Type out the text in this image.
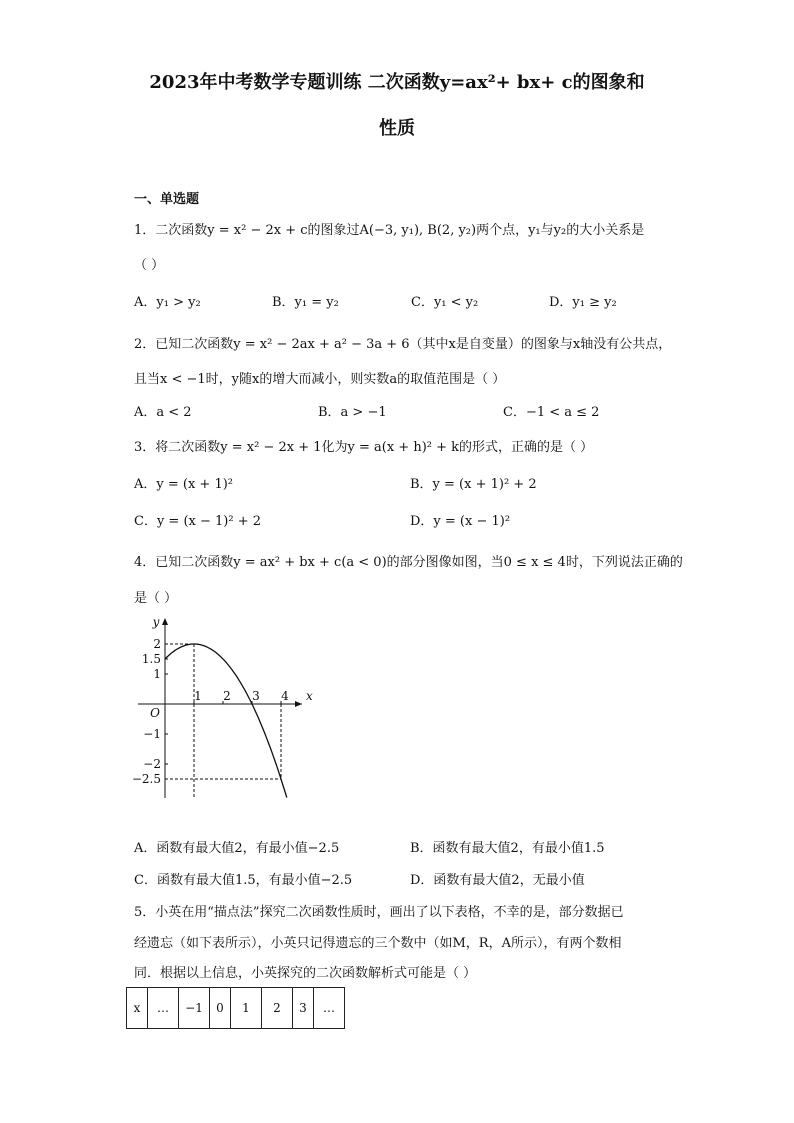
2023年中考数学专题训练 二次函数y=ax²+ bx+ c的图象和
性质
一、单选题
1．二次函数y = x² − 2x + c的图象过A(−3, y₁), B(2, y₂)两个点，y₁与y₂的大小关系是
（ ）
A．y₁ > y₂	B．y₁ = y₂	C．y₁ < y₂	D．y₁ ≥ y₂
2．已知二次函数y = x² − 2ax + a² − 3a + 6（其中x是自变量）的图象与x轴没有公共点，
且当x < −1时，y随x的增大而减小，则实数a的取值范围是（ ）
A．a < 2	B．a > −1	C．−1 < a ≤ 2
3．将二次函数y = x² − 2x + 1化为y = a(x + h)² + k的形式，正确的是（ ）
A．y = (x + 1)²	B．y = (x + 1)² + 2
C．y = (x − 1)² + 2	D．y = (x − 1)²
4．已知二次函数y = ax² + bx + c(a < 0)的部分图像如图，当0 ≤ x ≤ 4时，下列说法正确的
是（ ）
x
y
O
1 2 3 4
2
1.5
1
−1
−2
−2.5
A．函数有最大值2，有最小值−2.5	B．函数有最大值2，有最小值1.5
C．函数有最大值1.5，有最小值−2.5	D．函数有最大值2，无最小值
5．小英在用“描点法”探究二次函数性质时，画出了以下表格，不幸的是，部分数据已
经遗忘（如下表所示），小英只记得遗忘的三个数中（如M，R，A所示），有两个数相
同．根据以上信息，小英探究的二次函数解析式可能是（ ）
x	…	−1	0	1	2	3	…
